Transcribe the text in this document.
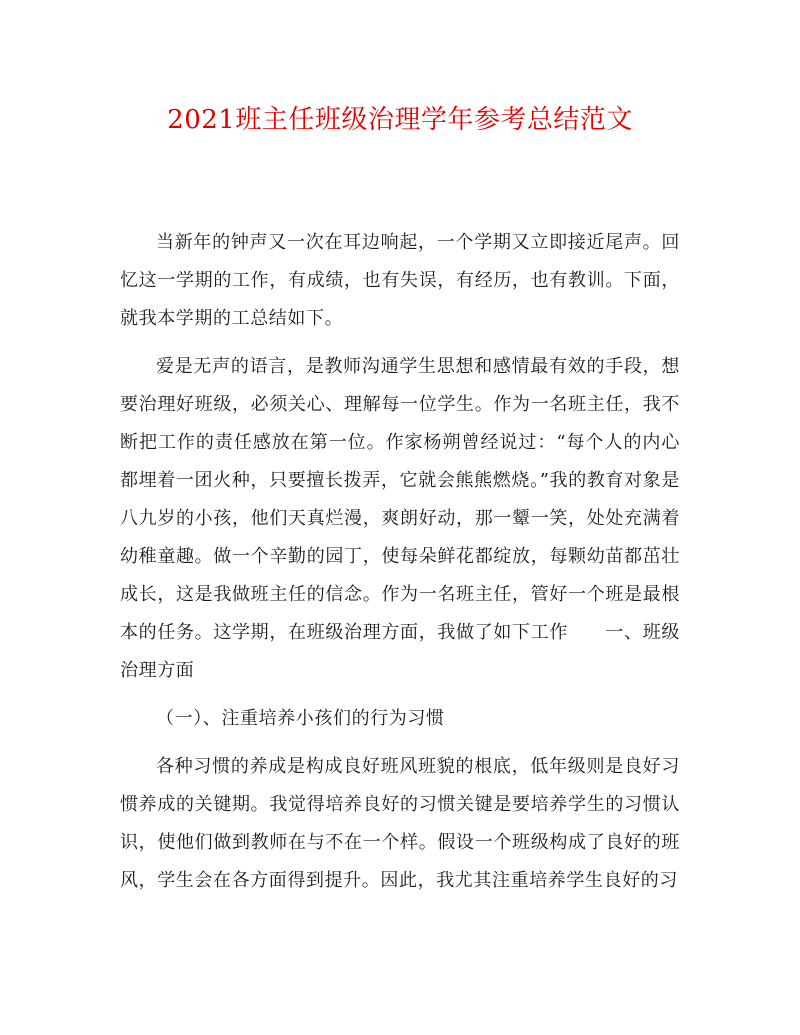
2021班主任班级治理学年参考总结范文

当新年的钟声又一次在耳边响起，一个学期又立即接近尾声。回忆这一学期的工作，有成绩，也有失误，有经历，也有教训。下面，就我本学期的工总结如下。

爱是无声的语言，是教师沟通学生思想和感情最有效的手段，想要治理好班级，必须关心、理解每一位学生。作为一名班主任，我不断把工作的责任感放在第一位。作家杨朔曾经说过：“每个人的内心都埋着一团火种，只要擅长拨弄，它就会熊熊燃烧。”我的教育对象是八九岁的小孩，他们天真烂漫，爽朗好动，那一颦一笑，处处充满着幼稚童趣。做一个辛勤的园丁，使每朵鲜花都绽放，每颗幼苗都茁壮成长，这是我做班主任的信念。作为一名班主任，管好一个班是最根本的任务。这学期，在班级治理方面，我做了如下工作　　一、班级治理方面

（一）、注重培养小孩们的行为习惯

各种习惯的养成是构成良好班风班貌的根底，低年级则是良好习惯养成的关键期。我觉得培养良好的习惯关键是要培养学生的习惯认识，使他们做到教师在与不在一个样。假设一个班级构成了良好的班风，学生会在各方面得到提升。因此，我尤其注重培养学生良好的习
